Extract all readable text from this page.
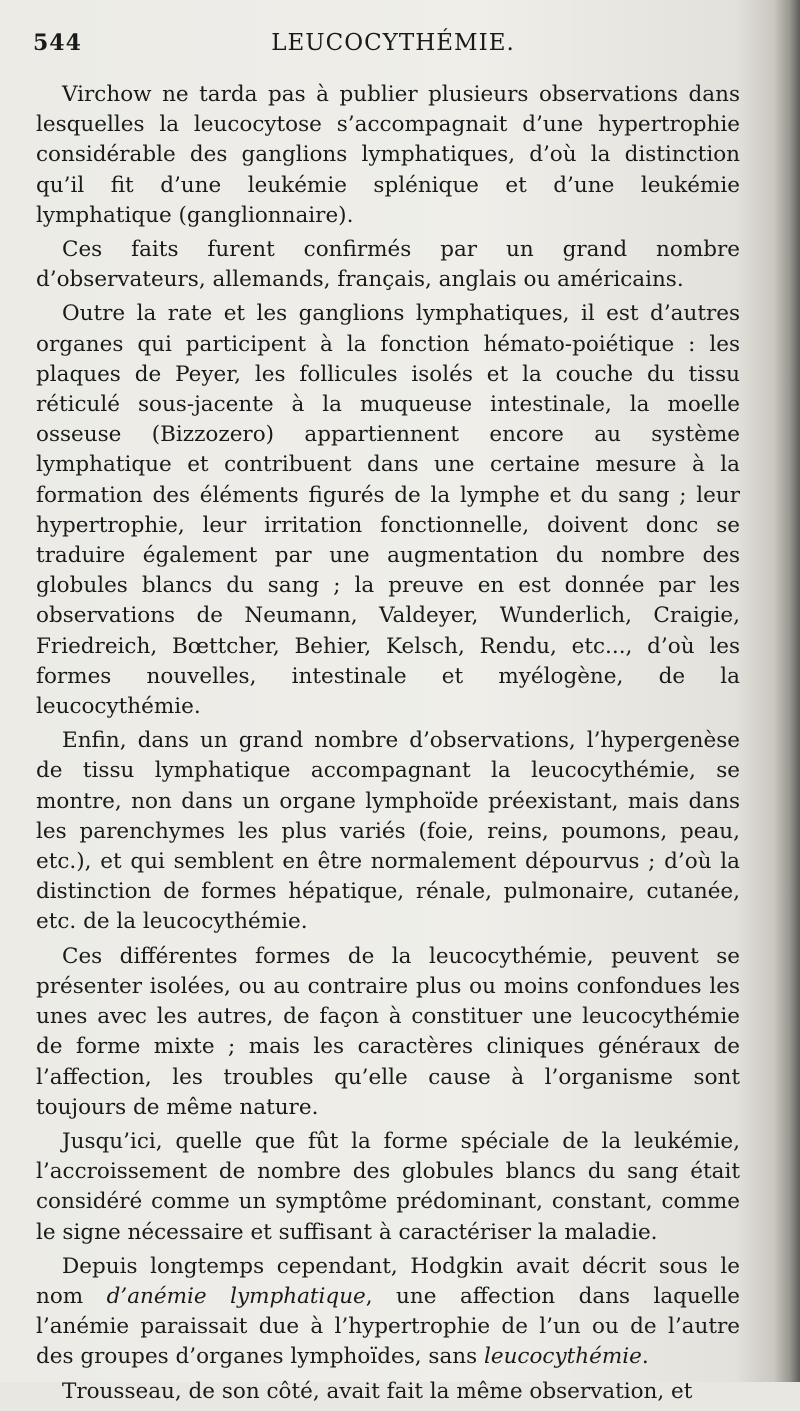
544	LEUCOCYTHÉMIE.

Virchow ne tarda pas à publier plusieurs observations dans lesquelles la leucocytose s’accompagnait d’une hypertrophie considérable des ganglions lymphatiques, d’où la distinction qu’il fit d’une leukémie splénique et d’une leukémie lymphatique (ganglionnaire).

Ces faits furent confirmés par un grand nombre d’observateurs, allemands, français, anglais ou américains.

Outre la rate et les ganglions lymphatiques, il est d’autres organes qui participent à la fonction hémato-poiétique : les plaques de Peyer, les follicules isolés et la couche du tissu réticulé sous-jacente à la muqueuse intestinale, la moelle osseuse (Bizzozero) appartiennent encore au système lymphatique et contribuent dans une certaine mesure à la formation des éléments figurés de la lymphe et du sang ; leur hypertrophie, leur irritation fonctionnelle, doivent donc se traduire également par une augmentation du nombre des globules blancs du sang ; la preuve en est donnée par les observations de Neumann, Valdeyer, Wunderlich, Craigie, Friedreich, Bœttcher, Behier, Kelsch, Rendu, etc..., d’où les formes nouvelles, intestinale et myélogène, de la leucocythémie.

Enfin, dans un grand nombre d’observations, l’hypergenèse de tissu lymphatique accompagnant la leucocythémie, se montre, non dans un organe lymphoïde préexistant, mais dans les parenchymes les plus variés (foie, reins, poumons, peau, etc.), et qui semblent en être normalement dépourvus ; d’où la distinction de formes hépatique, rénale, pulmonaire, cutanée, etc. de la leucocythémie.

Ces différentes formes de la leucocythémie, peuvent se présenter isolées, ou au contraire plus ou moins confondues les unes avec les autres, de façon à constituer une leucocythémie de forme mixte ; mais les caractères cliniques généraux de l’affection, les troubles qu’elle cause à l’organisme sont toujours de même nature.

Jusqu’ici, quelle que fût la forme spéciale de la leukémie, l’accroissement de nombre des globules blancs du sang était considéré comme un symptôme prédominant, constant, comme le signe nécessaire et suffisant à caractériser la maladie.

Depuis longtemps cependant, Hodgkin avait décrit sous le nom d’anémie lymphatique, une affection dans laquelle l’anémie paraissait due à l’hypertrophie de l’un ou de l’autre des groupes d’organes lymphoïdes, sans leucocythémie.

Trousseau, de son côté, avait fait la même observation, et
